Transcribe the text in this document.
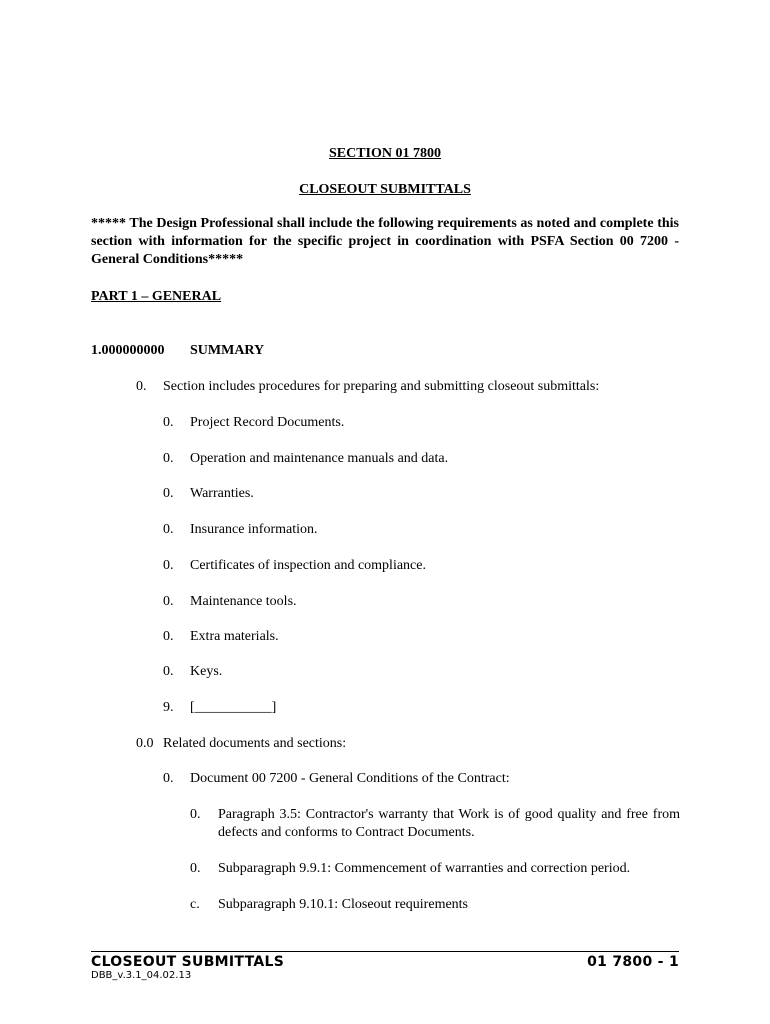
SECTION 01 7800
CLOSEOUT SUBMITTALS
***** The Design Professional shall include the following requirements as noted and complete this section with information for the specific project in coordination with PSFA Section 00 7200 - General Conditions*****
PART 1 – GENERAL
1.000000000 SUMMARY
0. Section includes procedures for preparing and submitting closeout submittals:
0. Project Record Documents.
0. Operation and maintenance manuals and data.
0. Warranties.
0. Insurance information.
0. Certificates of inspection and compliance.
0. Maintenance tools.
0. Extra materials.
0. Keys.
9. [___________]
0.0 Related documents and sections:
0. Document 00 7200 - General Conditions of the Contract:
0. Paragraph 3.5: Contractor's warranty that Work is of good quality and free from defects and conforms to Contract Documents.
0. Subparagraph 9.9.1: Commencement of warranties and correction period.
c. Subparagraph 9.10.1: Closeout requirements
CLOSEOUT SUBMITTALS	01 7800 - 1
DBB_v.3.1_04.02.13
